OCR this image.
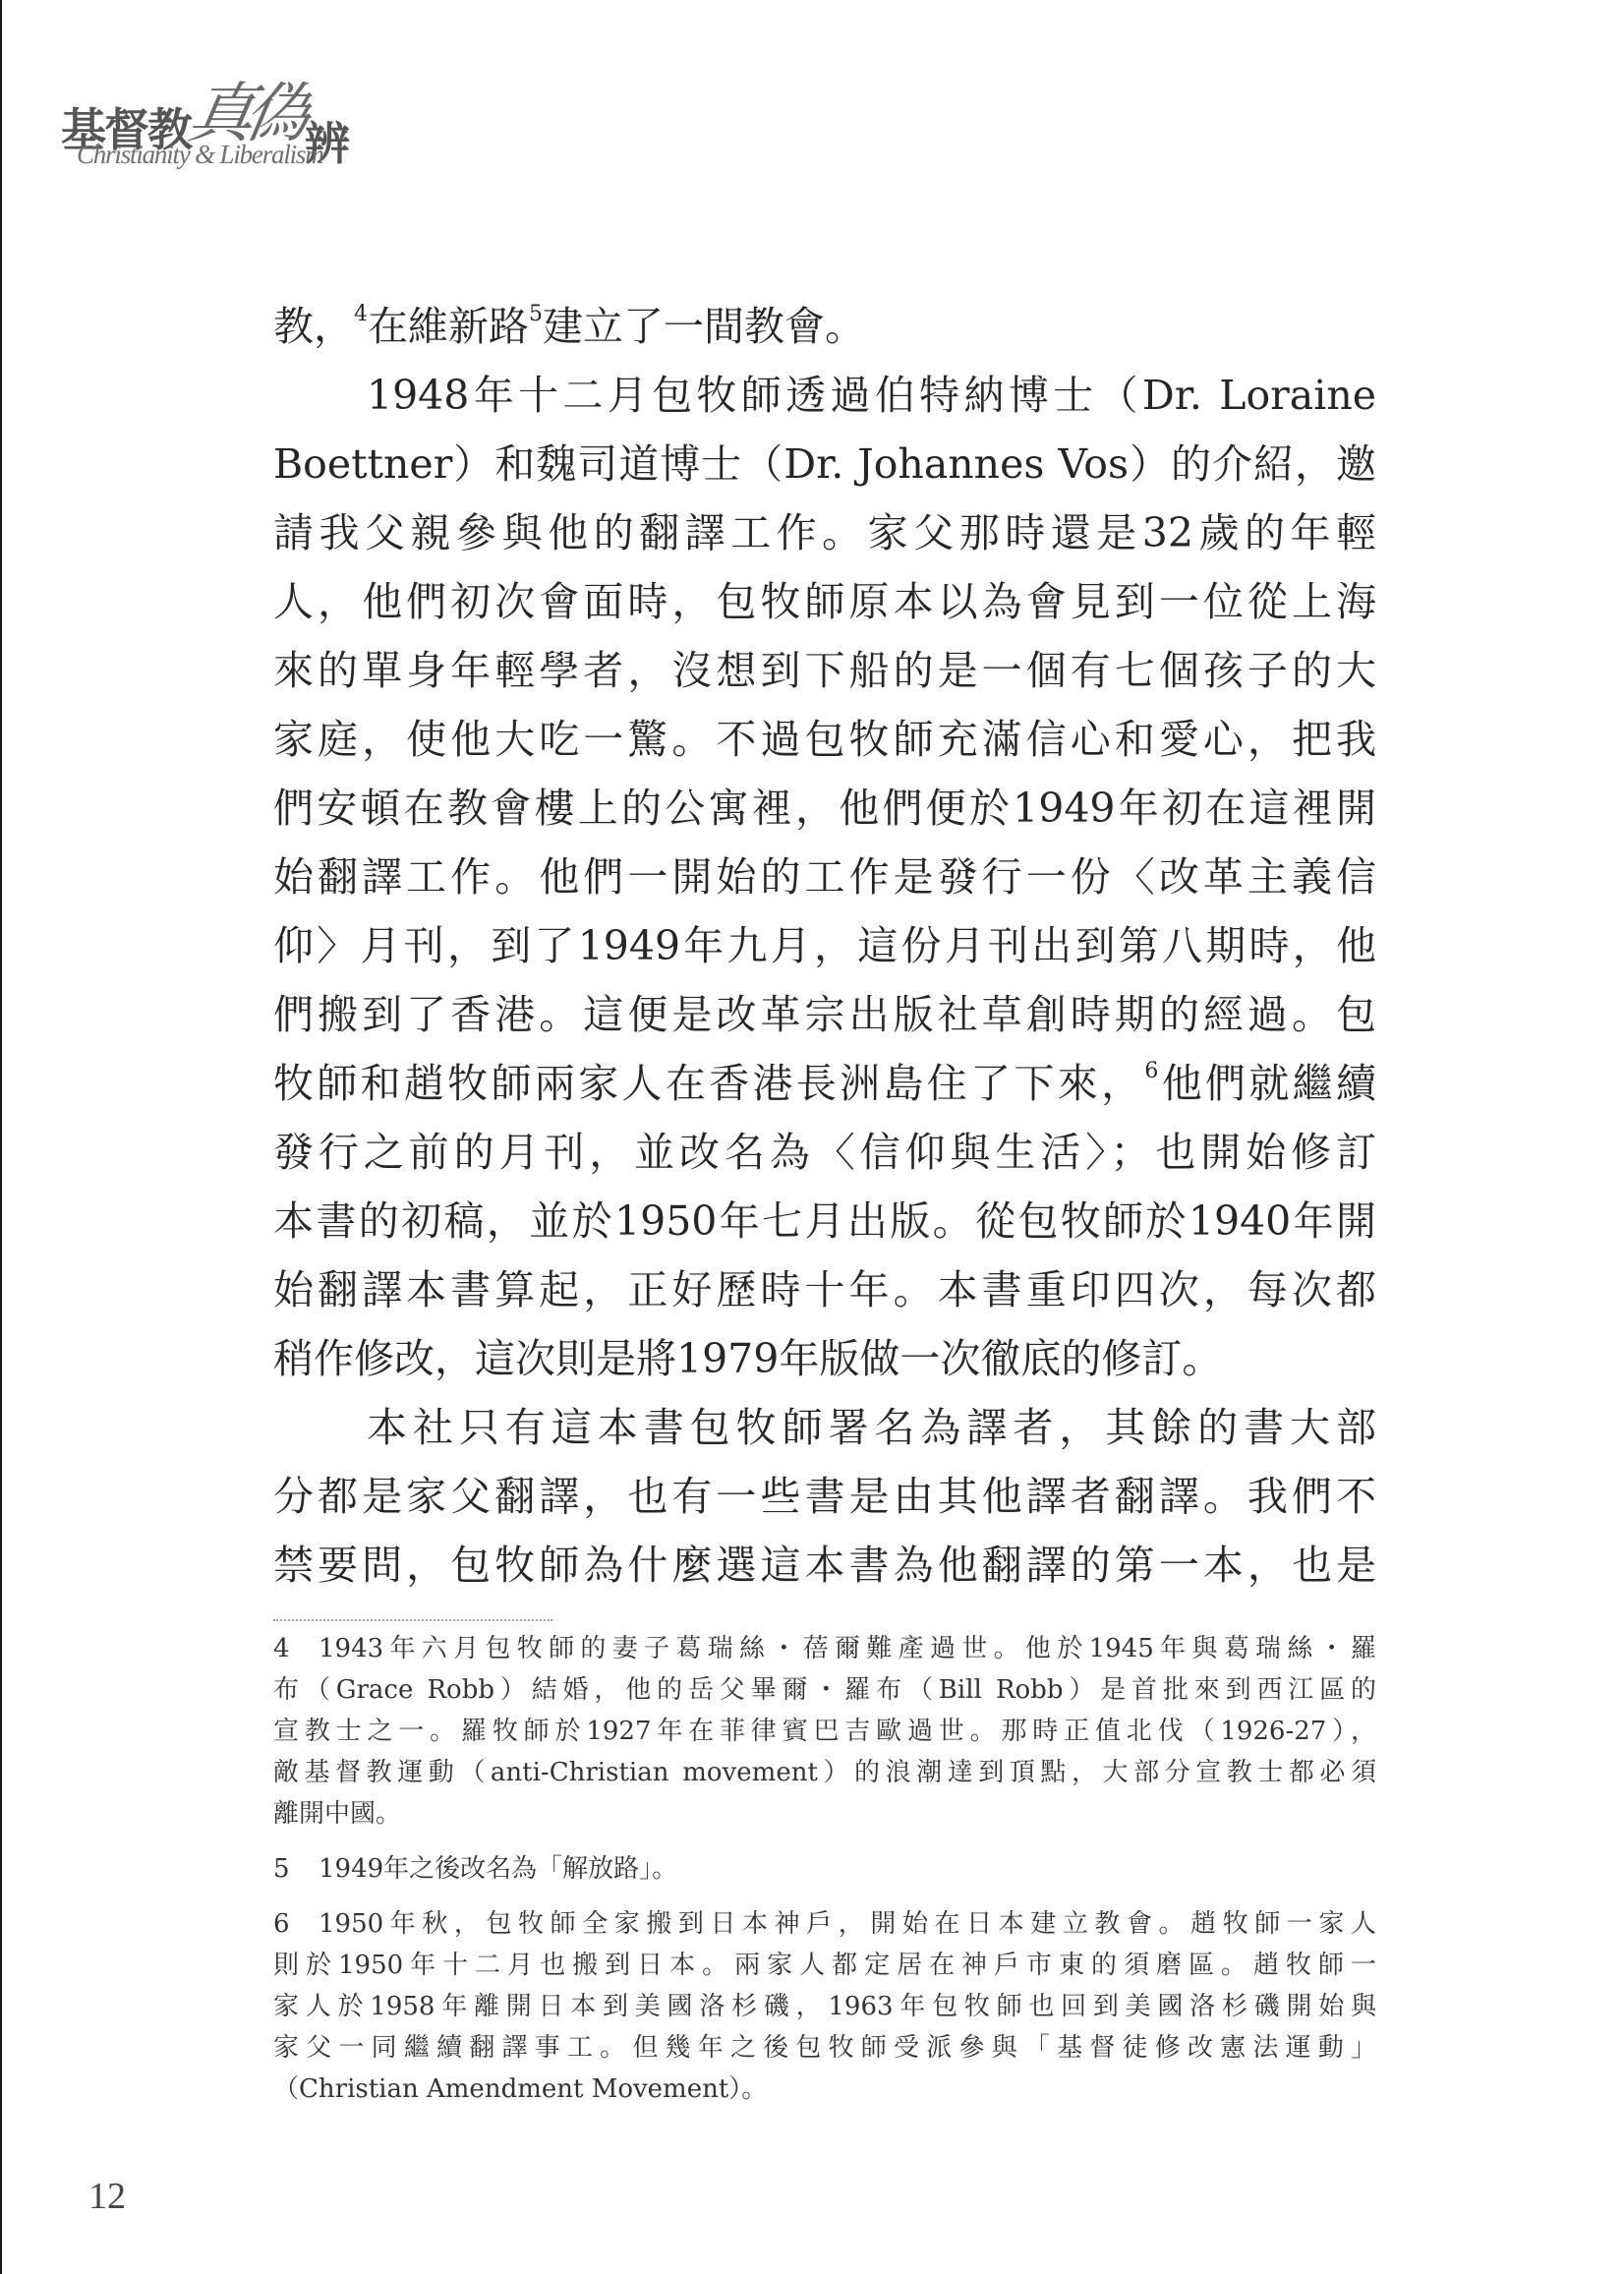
基督教真偽辨
Christianity & Liberalism
教，$^4$在維新路$^5$建立了一間教會。
1948年十二月包牧師透過伯特納博士（Dr. Loraine
Boettner）和魏司道博士（Dr. Johannes Vos）的介紹，邀
請我父親參與他的翻譯工作。家父那時還是32歲的年輕
人，他們初次會面時，包牧師原本以為會見到一位從上海
來的單身年輕學者，沒想到下船的是一個有七個孩子的大
家庭，使他大吃一驚。不過包牧師充滿信心和愛心，把我
們安頓在教會樓上的公寓裡，他們便於1949年初在這裡開
始翻譯工作。他們一開始的工作是發行一份〈改革主義信
仰〉月刊，到了1949年九月，這份月刊出到第八期時，他
們搬到了香港。這便是改革宗出版社草創時期的經過。包
牧師和趙牧師兩家人在香港長洲島住了下來，$^6$他們就繼續
發行之前的月刊，並改名為〈信仰與生活〉；也開始修訂
本書的初稿，並於1950年七月出版。從包牧師於1940年開
始翻譯本書算起，正好歷時十年。本書重印四次，每次都
稍作修改，這次則是將1979年版做一次徹底的修訂。
本社只有這本書包牧師署名為譯者，其餘的書大部
分都是家父翻譯，也有一些書是由其他譯者翻譯。我們不
禁要問，包牧師為什麼選這本書為他翻譯的第一本，也是
4 1943年六月包牧師的妻子葛瑞絲・蓓爾難產過世。他於1945年與葛瑞絲・羅
布（Grace Robb）結婚，他的岳父畢爾・羅布（Bill Robb）是首批來到西江區的
宣教士之一。羅牧師於1927年在菲律賓巴吉歐過世。那時正值北伐（1926-27），
敵基督教運動（anti-Christian movement）的浪潮達到頂點，大部分宣教士都必須
離開中國。
5 1949年之後改名為「解放路」。
6 1950年秋，包牧師全家搬到日本神戶，開始在日本建立教會。趙牧師一家人
則於1950年十二月也搬到日本。兩家人都定居在神戶市東的須磨區。趙牧師一
家人於1958年離開日本到美國洛杉磯，1963年包牧師也回到美國洛杉磯開始與
家父一同繼續翻譯事工。但幾年之後包牧師受派參與「基督徒修改憲法運動」
（Christian Amendment Movement）。
12
